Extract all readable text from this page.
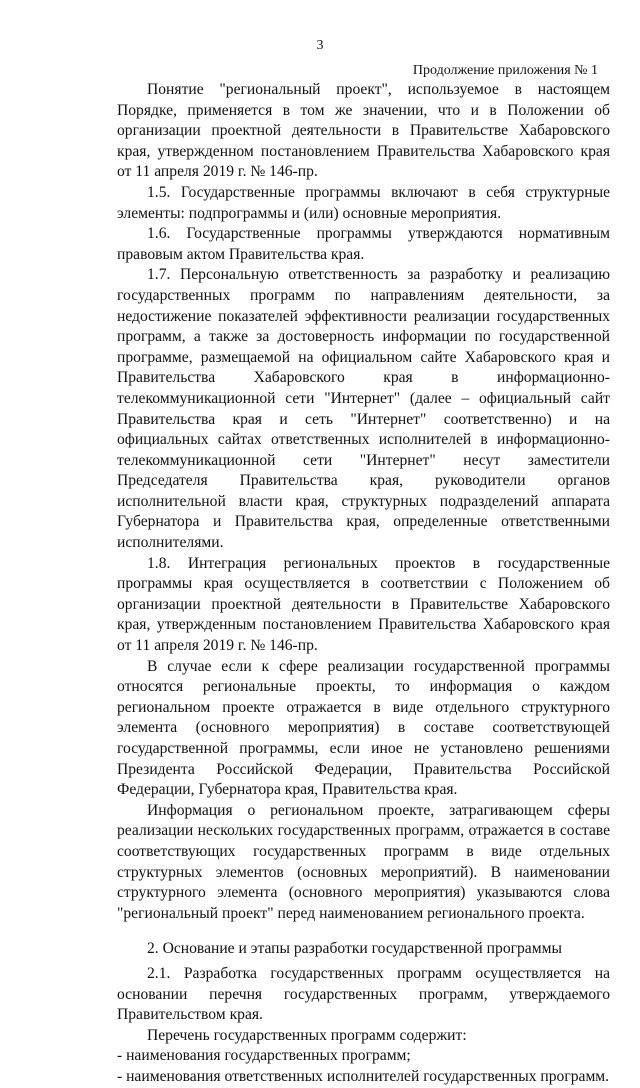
3
Продолжение приложения № 1

Понятие "региональный проект", используемое в настоящем Порядке, применяется в том же значении, что и в Положении об организации проектной деятельности в Правительстве Хабаровского края, утвержденном постановлением Правительства Хабаровского края от 11 апреля 2019 г. № 146-пр.

1.5. Государственные программы включают в себя структурные элементы: подпрограммы и (или) основные мероприятия.

1.6. Государственные программы утверждаются нормативным правовым актом Правительства края.

1.7. Персональную ответственность за разработку и реализацию государственных программ по направлениям деятельности, за недостижение показателей эффективности реализации государственных программ, а также за достоверность информации по государственной программе, размещаемой на официальном сайте Хабаровского края и Правительства Хабаровского края в информационно-телекоммуникационной сети "Интернет" (далее – официальный сайт Правительства края и сеть "Интернет" соответственно) и на официальных сайтах ответственных исполнителей в информационно-телекоммуникационной сети "Интернет" несут заместители Председателя Правительства края, руководители органов исполнительной власти края, структурных подразделений аппарата Губернатора и Правительства края, определенные ответственными исполнителями.

1.8. Интеграция региональных проектов в государственные программы края осуществляется в соответствии с Положением об организации проектной деятельности в Правительстве Хабаровского края, утвержденным постановлением Правительства Хабаровского края от 11 апреля 2019 г. № 146-пр.

В случае если к сфере реализации государственной программы относятся региональные проекты, то информация о каждом региональном проекте отражается в виде отдельного структурного элемента (основного мероприятия) в составе соответствующей государственной программы, если иное не установлено решениями Президента Российской Федерации, Правительства Российской Федерации, Губернатора края, Правительства края.

Информация о региональном проекте, затрагивающем сферы реализации нескольких государственных программ, отражается в составе соответствующих государственных программ в виде отдельных структурных элементов (основных мероприятий). В наименовании структурного элемента (основного мероприятия) указываются слова "региональный проект" перед наименованием регионального проекта.

2. Основание и этапы разработки государственной программы

2.1. Разработка государственных программ осуществляется на основании перечня государственных программ, утверждаемого Правительством края.

Перечень государственных программ содержит:

- наименования государственных программ;

- наименования ответственных исполнителей государственных программ.
